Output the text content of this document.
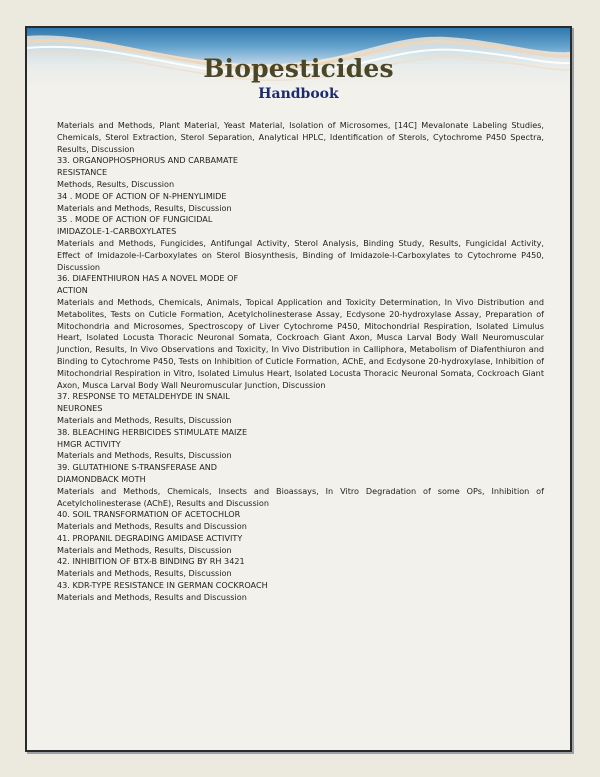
Biopesticides
Handbook
Materials and Methods, Plant Material, Yeast Material, Isolation of Microsomes, [14C] Mevalonate Labeling Studies, Chemicals, Sterol Extraction, Sterol Separation, Analytical HPLC, Identification of Sterols, Cytochrome P450 Spectra, Results, Discussion
33. ORGANOPHOSPHORUS AND CARBAMATE
RESISTANCE
Methods, Results, Discussion
34 . MODE OF ACTION OF N-PHENYLIMIDE
Materials and Methods, Results, Discussion
35 . MODE OF ACTION OF FUNGICIDAL
IMIDAZOLE-1-CARBOXYLATES
Materials and Methods, Fungicides, Antifungal Activity, Sterol Analysis, Binding Study, Results, Fungicidal Activity, Effect of Imidazole-l-Carboxylates on Sterol Biosynthesis, Binding of Imidazole-l-Carboxylates to Cytochrome P450, Discussion
36. DIAFENTHIURON HAS A NOVEL MODE OF
ACTION
Materials and Methods, Chemicals, Animals, Topical Application and Toxicity Determination, In Vivo Distribution and Metabolites, Tests on Cuticle Formation, Acetylcholinesterase Assay, Ecdysone 20-hydroxylase Assay, Preparation of Mitochondria and Microsomes, Spectroscopy of Liver Cytochrome P450, Mitochondrial Respiration, Isolated Limulus Heart, Isolated Locusta Thoracic Neuronal Somata, Cockroach Giant Axon, Musca Larval Body Wall Neuromuscular Junction, Results, In Vivo Observations and Toxicity, In Vivo Distribution in Calliphora, Metabolism of Diafenthiuron and Binding to Cytochrome P450, Tests on Inhibition of Cuticle Formation, AChE, and Ecdysone 20-hydroxylase, Inhibition of Mitochondrial Respiration in Vitro, Isolated Limulus Heart, Isolated Locusta Thoracic Neuronal Somata, Cockroach Giant Axon, Musca Larval Body Wall Neuromuscular Junction, Discussion
37. RESPONSE TO METALDEHYDE IN SNAIL
NEURONES
Materials and Methods, Results, Discussion
38. BLEACHING HERBICIDES STIMULATE MAIZE
HMGR ACTIVITY
Materials and Methods, Results, Discussion
39. GLUTATHIONE S-TRANSFERASE AND
DIAMONDBACK MOTH
Materials and Methods, Chemicals, Insects and Bioassays, In Vitro Degradation of some OPs, Inhibition of Acetylcholinesterase (AChE), Results and Discussion
40. SOIL TRANSFORMATION OF ACETOCHLOR
Materials and Methods, Results and Discussion
41. PROPANIL DEGRADING AMIDASE ACTIVITY
Materials and Methods, Results, Discussion
42. INHIBITION OF BTX-B BINDING BY RH 3421
Materials and Methods, Results, Discussion
43. KDR-TYPE RESISTANCE IN GERMAN COCKROACH
Materials and Methods, Results and Discussion
